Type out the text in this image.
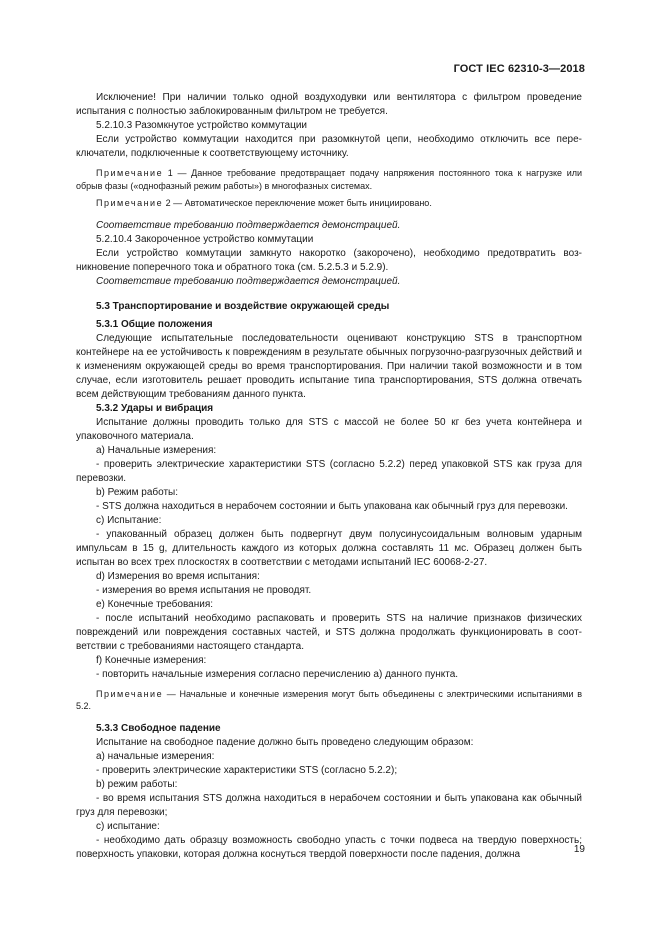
ГОСТ IEC 62310-3—2018

Исключение! При наличии только одной воздуходувки или вентилятора с фильтром проведение испытания с полностью заблокированным фильтром не требуется.

5.2.10.3 Разомкнутое устройство коммутации

Если устройство коммутации находится при разомкнутой цепи, необходимо отключить все переключатели, подключенные к соответствующему источнику.

Примечание 1 — Данное требование предотвращает подачу напряжения постоянного тока к нагрузке или обрыв фазы («однофазный режим работы») в многофазных системах.

Примечание 2 — Автоматическое переключение может быть инициировано.

Соответствие требованию подтверждается демонстрацией.

5.2.10.4 Закороченное устройство коммутации

Если устройство коммутации замкнуто накоротко (закорочено), необходимо предотвратить возникновение поперечного тока и обратного тока (см. 5.2.5.3 и 5.2.9).

Соответствие требованию подтверждается демонстрацией.

5.3 Транспортирование и воздействие окружающей среды

5.3.1 Общие положения

Следующие испытательные последовательности оценивают конструкцию STS в транспортном контейнере на ее устойчивость к повреждениям в результате обычных погрузочно-разгрузочных действий и к изменениям окружающей среды во время транспортирования. При наличии такой возможности и в том случае, если изготовитель решает проводить испытание типа транспортирования, STS должна отвечать всем действующим требованиям данного пункта.

5.3.2 Удары и вибрация

Испытание должны проводить только для STS с массой не более 50 кг без учета контейнера и упаковочного материала.

а) Начальные измерения:

- проверить электрические характеристики STS (согласно 5.2.2) перед упаковкой STS как груза для перевозки.

b) Режим работы:

- STS должна находиться в нерабочем состоянии и быть упакована как обычный груз для перевозки.

с) Испытание:

- упакованный образец должен быть подвергнут двум полусинусоидальным волновым ударным импульсам в 15 g, длительность каждого из которых должна составлять 11 мс. Образец должен быть испытан во всех трех плоскостях в соответствии с методами испытаний IEC 60068-2-27.

d) Измерения во время испытания:

- измерения во время испытания не проводят.

е) Конечные требования:

- после испытаний необходимо распаковать и проверить STS на наличие признаков физических повреждений или повреждения составных частей, и STS должна продолжать функционировать в соответствии с требованиями настоящего стандарта.

f) Конечные измерения:

- повторить начальные измерения согласно перечислению а) данного пункта.

Примечание — Начальные и конечные измерения могут быть объединены с электрическими испытаниями в 5.2.

5.3.3 Свободное падение

Испытание на свободное падение должно быть проведено следующим образом:

а) начальные измерения:

- проверить электрические характеристики STS (согласно 5.2.2);

b) режим работы:

- во время испытания STS должна находиться в нерабочем состоянии и быть упакована как обычный груз для перевозки;

с) испытание:

- необходимо дать образцу возможность свободно упасть с точки подвеса на твердую поверхность; поверхность упаковки, которая должна коснуться твердой поверхности после падения, должна	19
